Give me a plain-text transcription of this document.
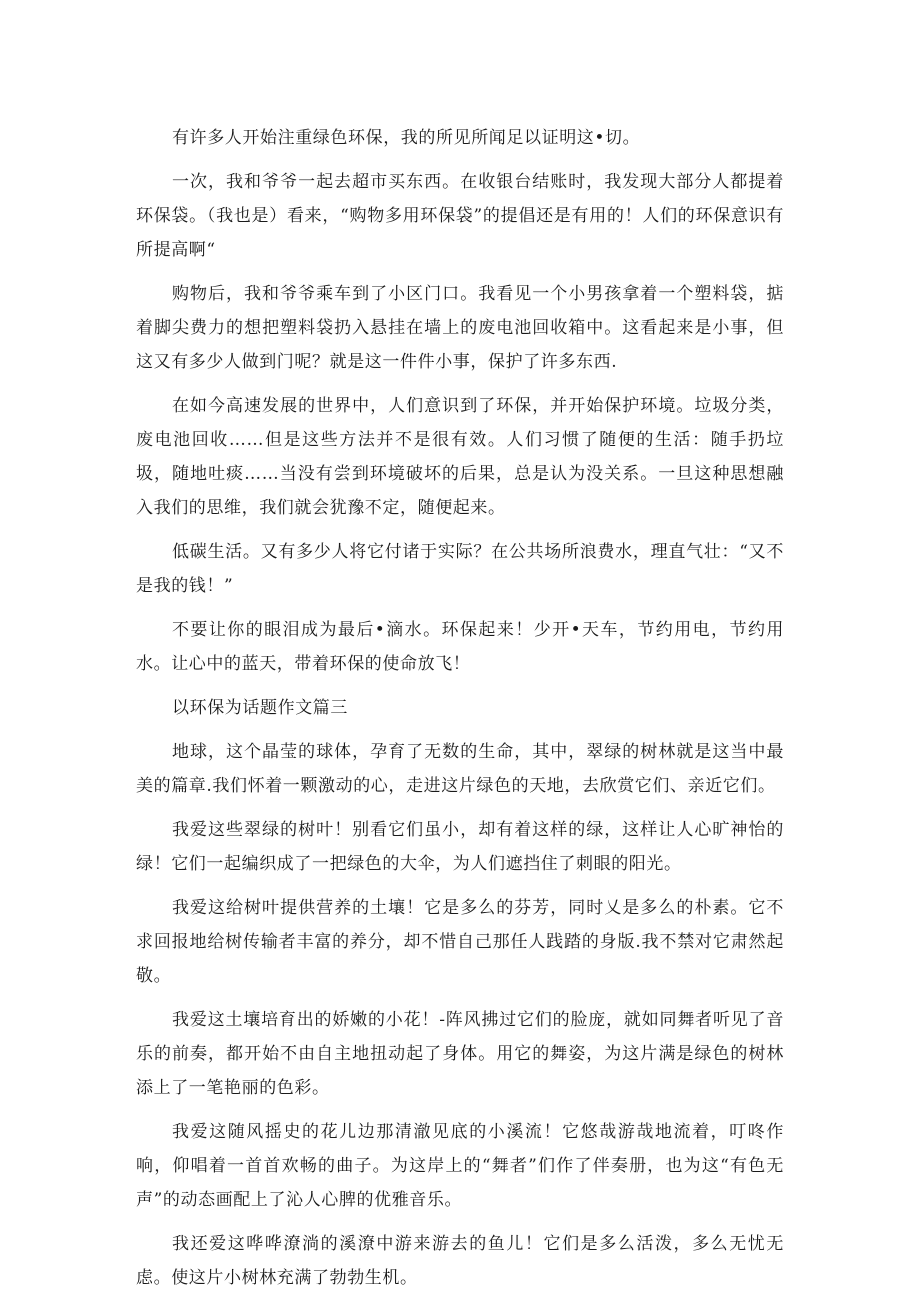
有许多人开始注重绿色环保，我的所见所闻足以证明这•切。

一次，我和爷爷一起去超市买东西。在收银台结账时，我发现大部分人都提着环保袋。（我也是）看来，“购物多用环保袋”的提倡还是有用的！人们的环保意识有所提高啊“

购物后，我和爷爷乘车到了小区门口。我看见一个小男孩拿着一个塑料袋，掂着脚尖费力的想把塑料袋扔入悬挂在墙上的废电池回收箱中。这看起来是小事，但这又有多少人做到门呢？就是这一件件小事，保护了许多东西.

在如今高速发展的世界中，人们意识到了环保，并开始保护环境。垃圾分类，废电池回收……但是这些方法并不是很有效。人们习惯了随便的生活：随手扔垃圾，随地吐痰……当没有尝到环境破坏的后果，总是认为没关系。一旦这种思想融入我们的思维，我们就会犹豫不定，随便起来。

低碳生活。又有多少人将它付诸于实际？在公共场所浪费水，理直气壮：“又不是我的钱！”

不要让你的眼泪成为最后•滴水。环保起来！少开•天车，节约用电，节约用水。让心中的蓝天，带着环保的使命放飞！

以环保为话题作文篇三

地球，这个晶莹的球体，孕育了无数的生命，其中，翠绿的树林就是这当中最美的篇章.我们怀着一颗激动的心，走进这片绿色的天地，去欣赏它们、亲近它们。

我爱这些翠绿的树叶！别看它们虽小，却有着这样的绿，这样让人心旷神怡的绿！它们一起编织成了一把绿色的大伞，为人们遮挡住了刺眼的阳光。

我爱这给树叶提供营养的土壤！它是多么的芬芳，同时乂是多么的朴素。它不求回报地给树传输者丰富的养分，却不惜自己那任人践踏的身版.我不禁对它肃然起敬。

我爱这土壤培育出的娇嫩的小花！-阵风拂过它们的脸庞，就如同舞者听见了音乐的前奏，都开始不由自主地扭动起了身体。用它的舞姿，为这片满是绿色的树林添上了一笔艳丽的色彩。

我爱这随风摇史的花儿边那清澈见底的小溪流！它悠哉游哉地流着，叮咚作响，仰唱着一首首欢畅的曲子。为这岸上的“舞者”们作了伴奏册，也为这“有色无声”的动态画配上了沁人心脾的优雅音乐。

我还爱这哗哗潦淌的溪潦中游来游去的鱼儿！它们是多么活泼，多么无忧无虑。使这片小树林充满了勃勃生机。
